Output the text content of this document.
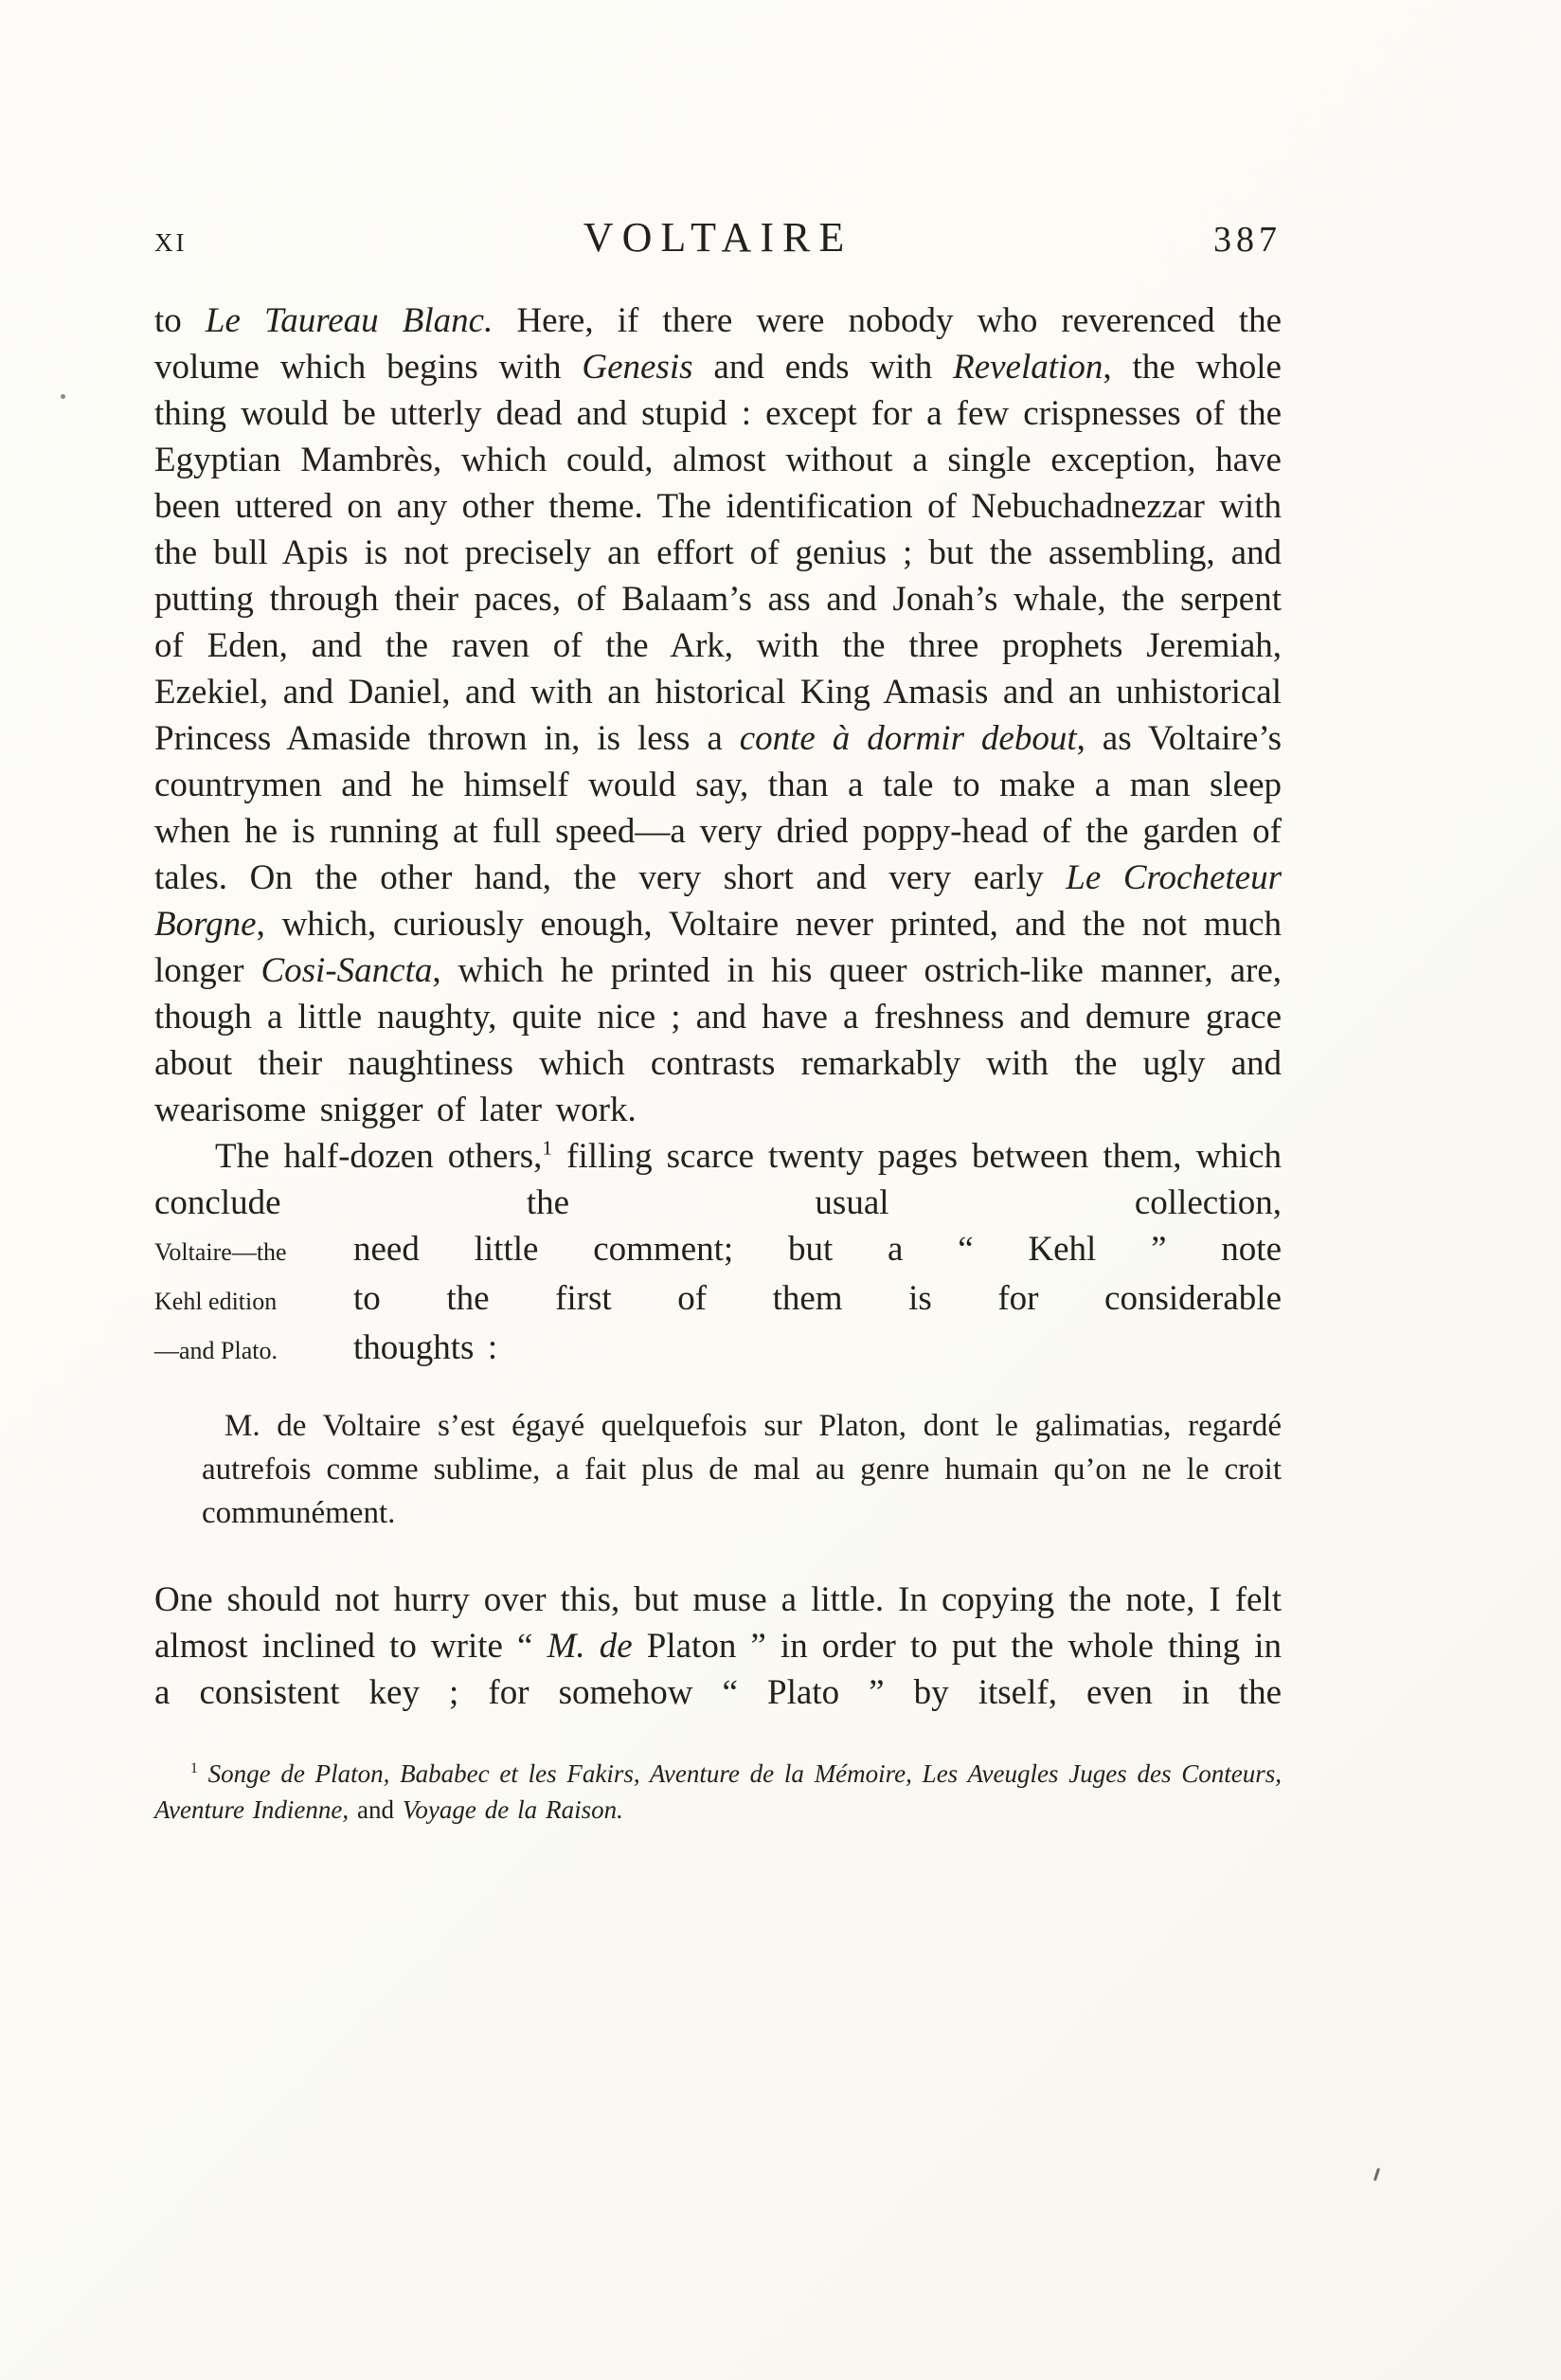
XI	VOLTAIRE	387

to Le Taureau Blanc. Here, if there were nobody who reverenced the volume which begins with Genesis and ends with Revelation, the whole thing would be utterly dead and stupid : except for a few crispnesses of the Egyptian Mambrès, which could, almost without a single exception, have been uttered on any other theme. The identification of Nebuchadnezzar with the bull Apis is not precisely an effort of genius ; but the assembling, and putting through their paces, of Balaam’s ass and Jonah’s whale, the serpent of Eden, and the raven of the Ark, with the three prophets Jeremiah, Ezekiel, and Daniel, and with an historical King Amasis and an unhistorical Princess Amaside thrown in, is less a conte à dormir debout, as Voltaire’s countrymen and he himself would say, than a tale to make a man sleep when he is running at full speed—a very dried poppy-head of the garden of tales. On the other hand, the very short and very early Le Crocheteur Borgne, which, curiously enough, Voltaire never printed, and the not much longer Cosi-Sancta, which he printed in his queer ostrich-like manner, are, though a little naughty, quite nice ; and have a freshness and demure grace about their naughtiness which contrasts remarkably with the ugly and wearisome snigger of later work.

The half-dozen others,$^1$ filling scarce twenty pages between them, which conclude the usual collection,

Voltaire—the	need little comment; but a “ Kehl ” note
Kehl edition	to the first of them is for considerable
—and Plato.	thoughts :
M. de Voltaire s’est égayé quelquefois sur Platon, dont le galimatias, regardé autrefois comme sublime, a fait plus de mal au genre humain qu’on ne le croit communément.

One should not hurry over this, but muse a little. In copying the note, I felt almost inclined to write “ M. de Platon ” in order to put the whole thing in a consistent key ; for somehow “ Plato ” by itself, even in the

$^1$ Songe de Platon, Bababec et les Fakirs, Aventure de la Mémoire, Les Aveugles Juges des Conteurs, Aventure Indienne, and Voyage de la Raison.
